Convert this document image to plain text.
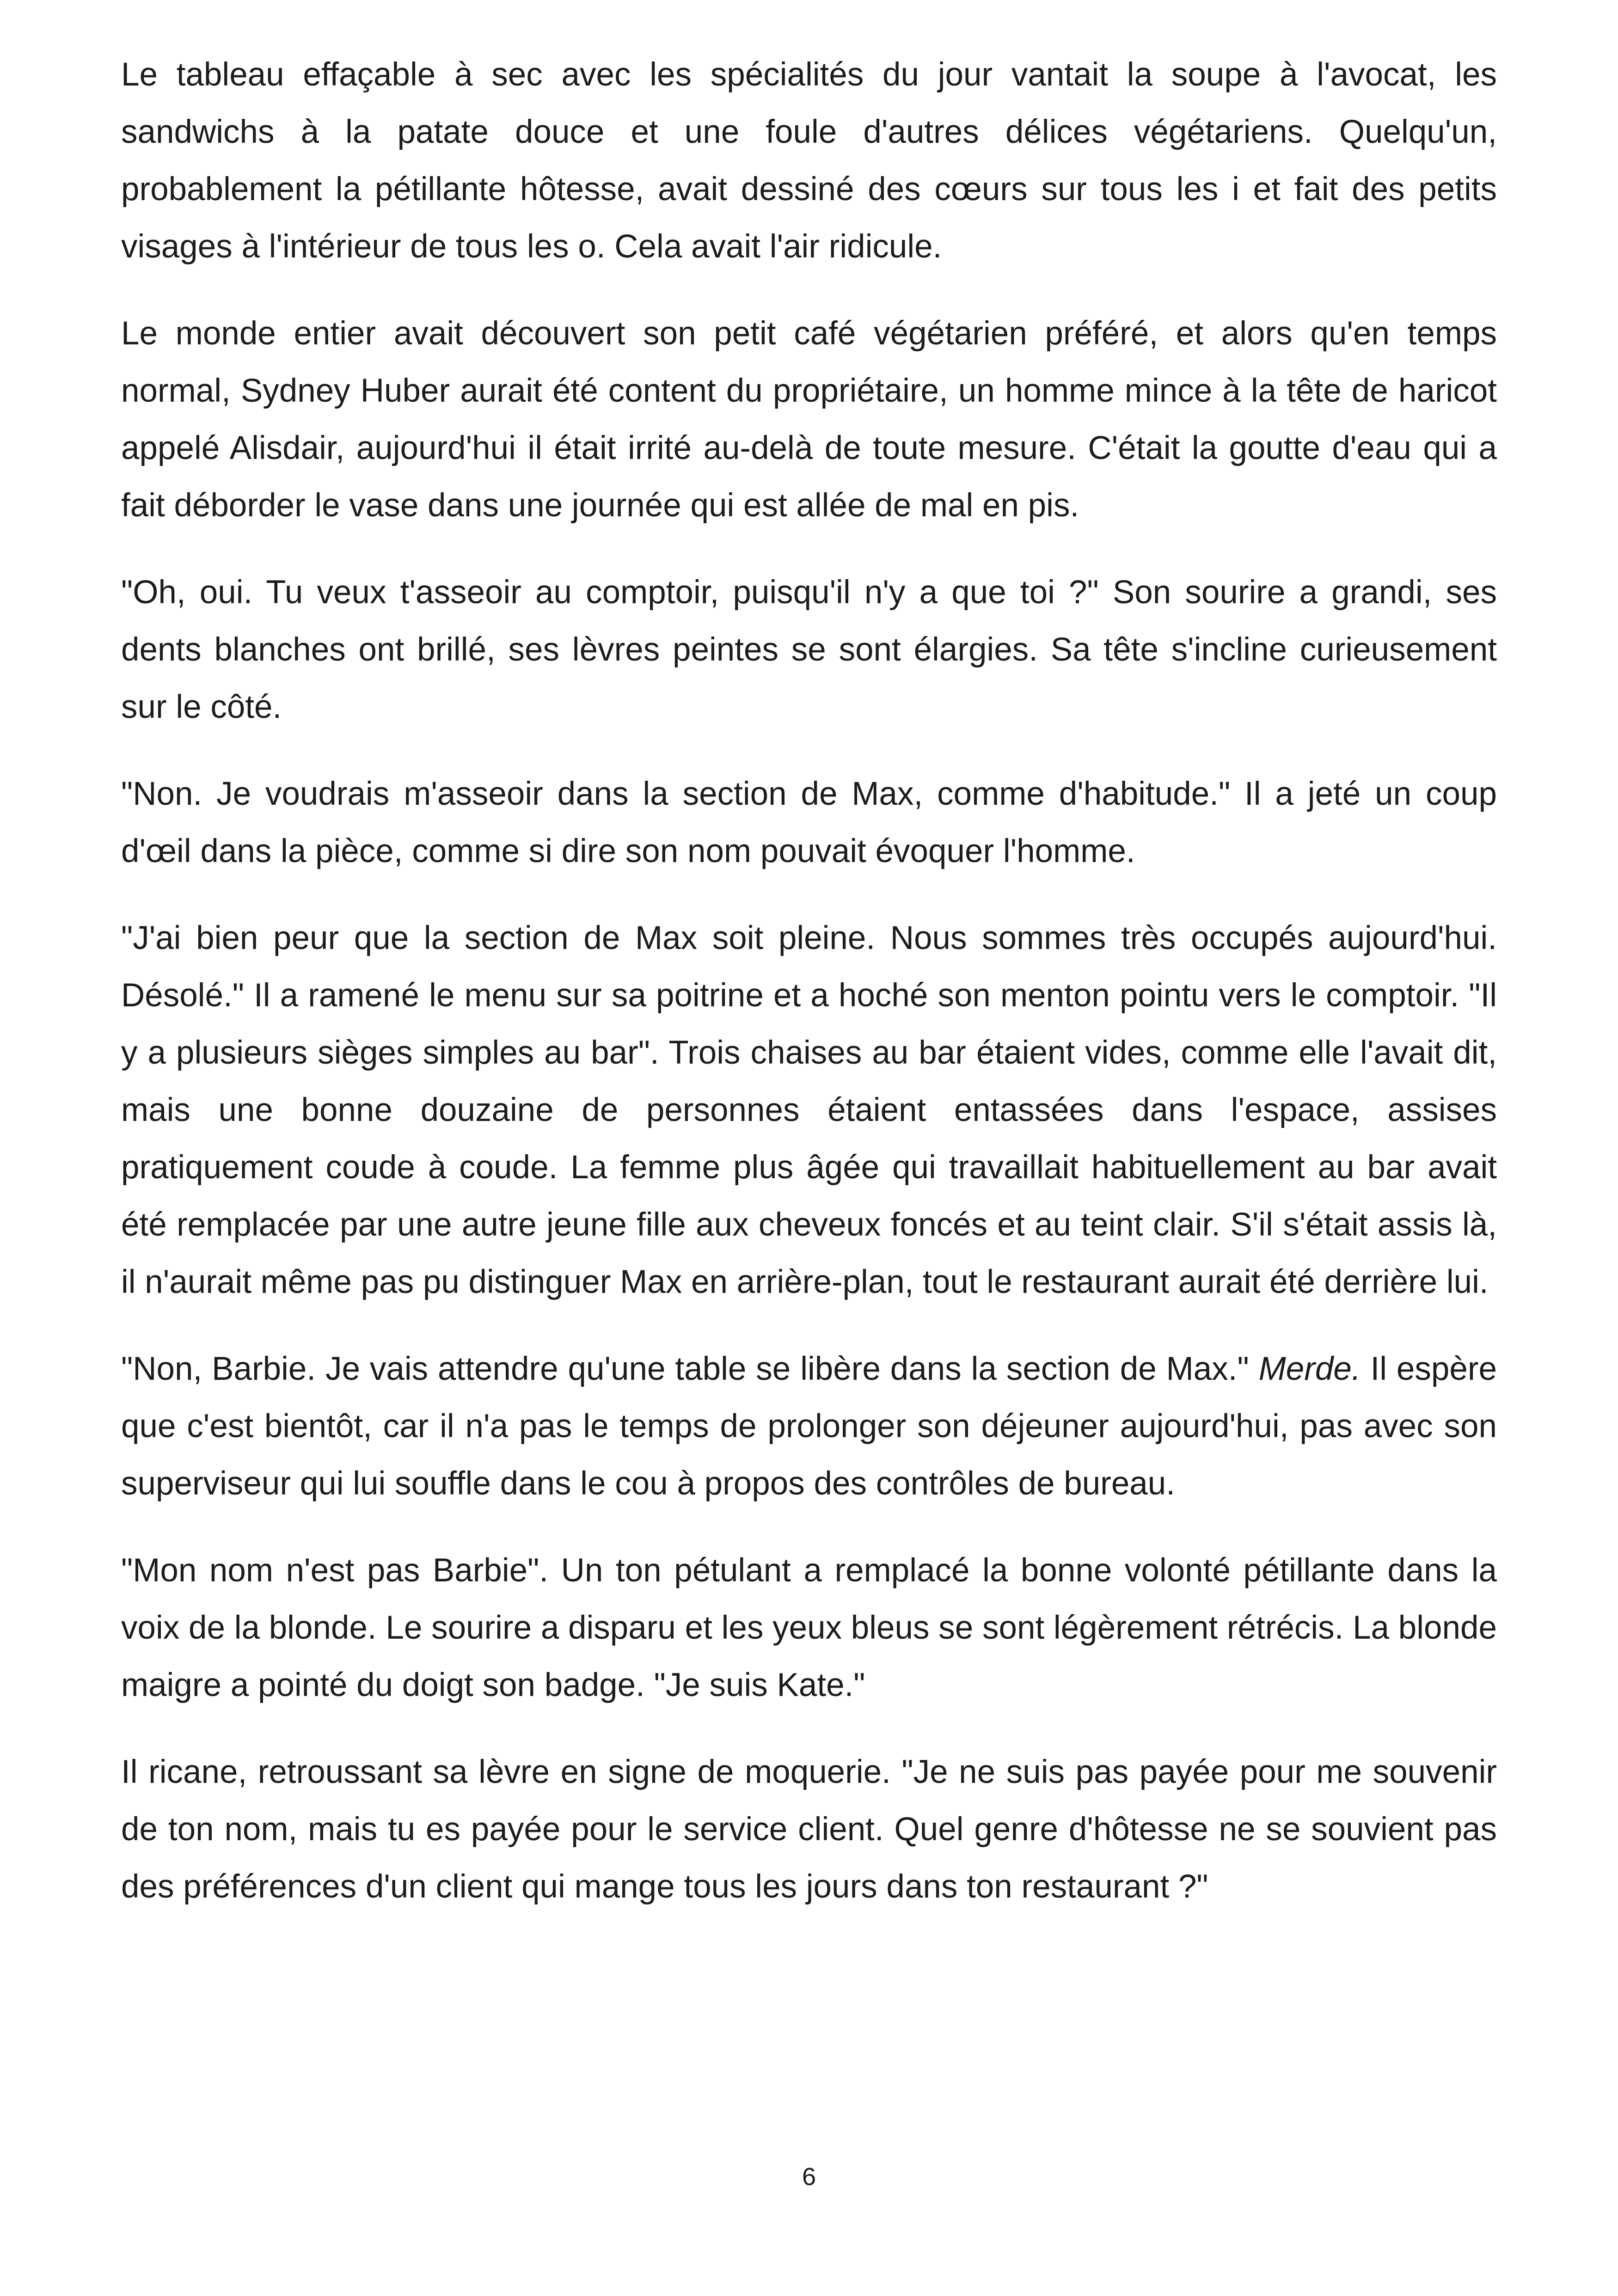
Le tableau effaçable à sec avec les spécialités du jour vantait la soupe à l'avocat, les sandwichs à la patate douce et une foule d'autres délices végétariens. Quelqu'un, probablement la pétillante hôtesse, avait dessiné des cœurs sur tous les i et fait des petits visages à l'intérieur de tous les o. Cela avait l'air ridicule.

Le monde entier avait découvert son petit café végétarien préféré, et alors qu'en temps normal, Sydney Huber aurait été content du propriétaire, un homme mince à la tête de haricot appelé Alisdair, aujourd'hui il était irrité au-delà de toute mesure. C'était la goutte d'eau qui a fait déborder le vase dans une journée qui est allée de mal en pis.

"Oh, oui. Tu veux t'asseoir au comptoir, puisqu'il n'y a que toi ?" Son sourire a grandi, ses dents blanches ont brillé, ses lèvres peintes se sont élargies. Sa tête s'incline curieusement sur le côté.

"Non. Je voudrais m'asseoir dans la section de Max, comme d'habitude." Il a jeté un coup d'œil dans la pièce, comme si dire son nom pouvait évoquer l'homme.

"J'ai bien peur que la section de Max soit pleine. Nous sommes très occupés aujourd'hui. Désolé." Il a ramené le menu sur sa poitrine et a hoché son menton pointu vers le comptoir. "Il y a plusieurs sièges simples au bar". Trois chaises au bar étaient vides, comme elle l'avait dit, mais une bonne douzaine de personnes étaient entassées dans l'espace, assises pratiquement coude à coude. La femme plus âgée qui travaillait habituellement au bar avait été remplacée par une autre jeune fille aux cheveux foncés et au teint clair. S'il s'était assis là, il n'aurait même pas pu distinguer Max en arrière-plan, tout le restaurant aurait été derrière lui.

"Non, Barbie. Je vais attendre qu'une table se libère dans la section de Max." Merde. Il espère que c'est bientôt, car il n'a pas le temps de prolonger son déjeuner aujourd'hui, pas avec son superviseur qui lui souffle dans le cou à propos des contrôles de bureau.

"Mon nom n'est pas Barbie". Un ton pétulant a remplacé la bonne volonté pétillante dans la voix de la blonde. Le sourire a disparu et les yeux bleus se sont légèrement rétrécis. La blonde maigre a pointé du doigt son badge. "Je suis Kate."

Il ricane, retroussant sa lèvre en signe de moquerie. "Je ne suis pas payée pour me souvenir de ton nom, mais tu es payée pour le service client. Quel genre d'hôtesse ne se souvient pas des préférences d'un client qui mange tous les jours dans ton restaurant ?"

6
